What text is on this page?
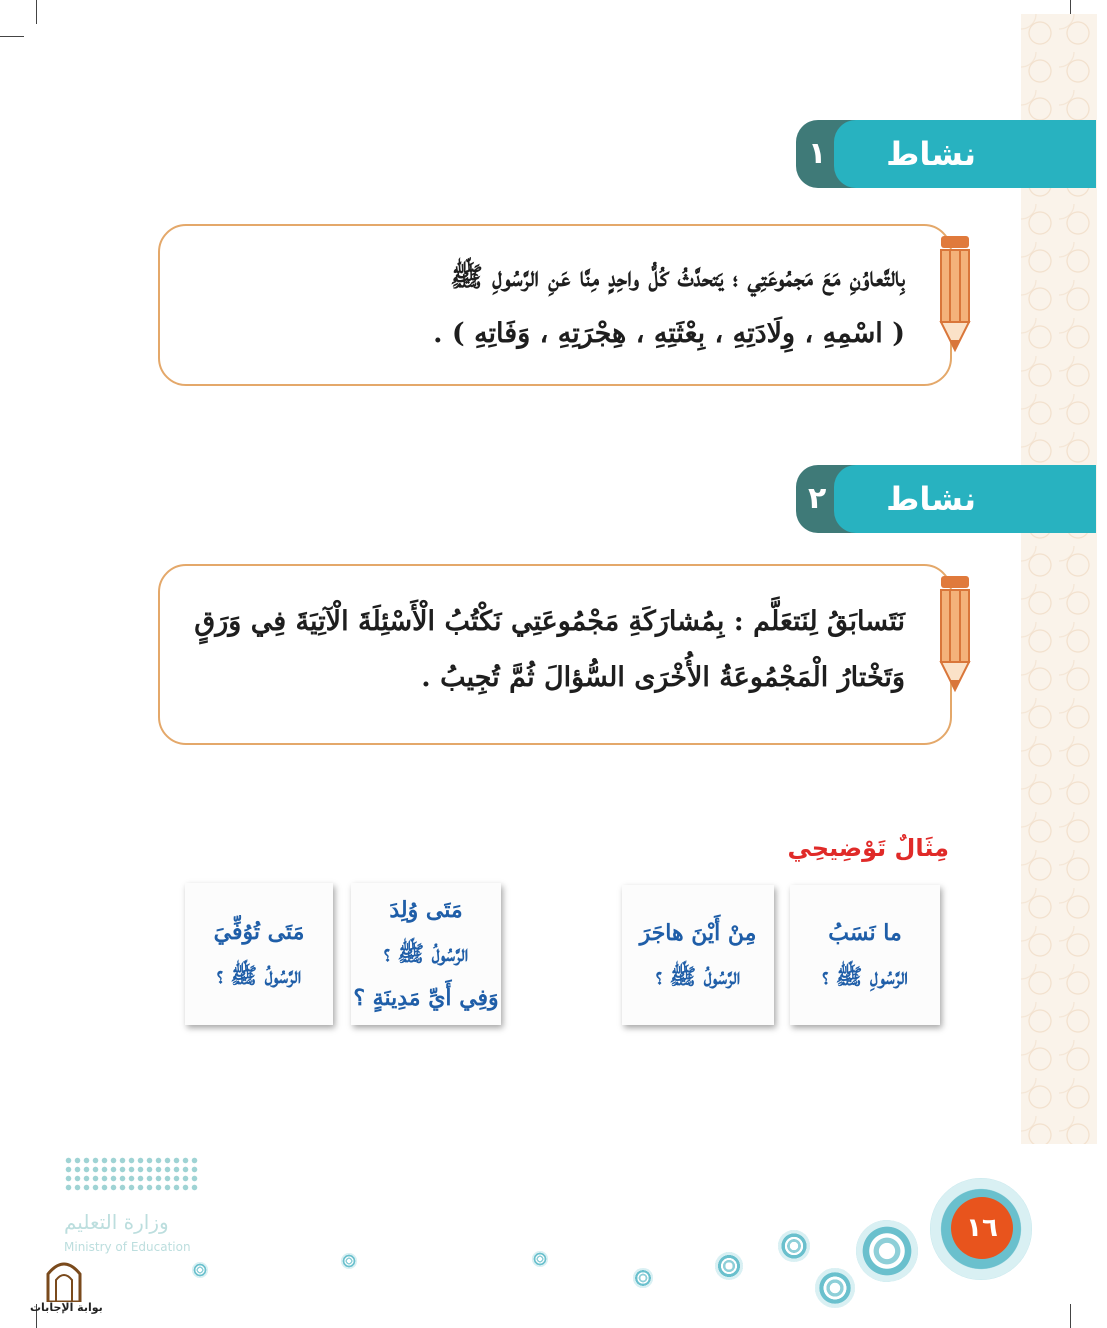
١ نشاط
بِالتَّعاوُنِ مَعَ مَجمُوعَتِي ؛ يَتحدَّثُ كُلُّ واحِدٍ مِنَّا عَنِ الرَّسُولِ ﷺ
( اسْمِهِ ، وِلَادَتِهِ ، بِعْثَتِهِ ، هِجْرَتِهِ ، وَفَاتِهِ ) .
٢ نشاط
نَتَسابَقُ لِنَتعَلَّم : بِمُشارَكَةِ مَجْمُوعَتِي نَكْتُبُ الْأَسْئِلَةَ الْآتِيَةَ فِي وَرَقٍ
وَتَخْتارُ الْمَجْمُوعَةُ الأُخْرَى السُّؤالَ ثُمَّ تُجِيبُ .
مِثَالٌ تَوْضِيحِي
ما نَسَبُ
الرَّسُولِ ﷺ ؟
مِنْ أَيْنَ هاجَرَ
الرَّسُولُ ﷺ ؟
مَتَى وُلِدَ
الرَّسُولُ ﷺ ؟
وَفِي أَيِّ مَدِينَةٍ ؟
مَتَى تُوُفِّيَ
الرَّسُولُ ﷺ ؟
١٦
وزارة التعليم
Ministry of Education
بوابة الإجابات
